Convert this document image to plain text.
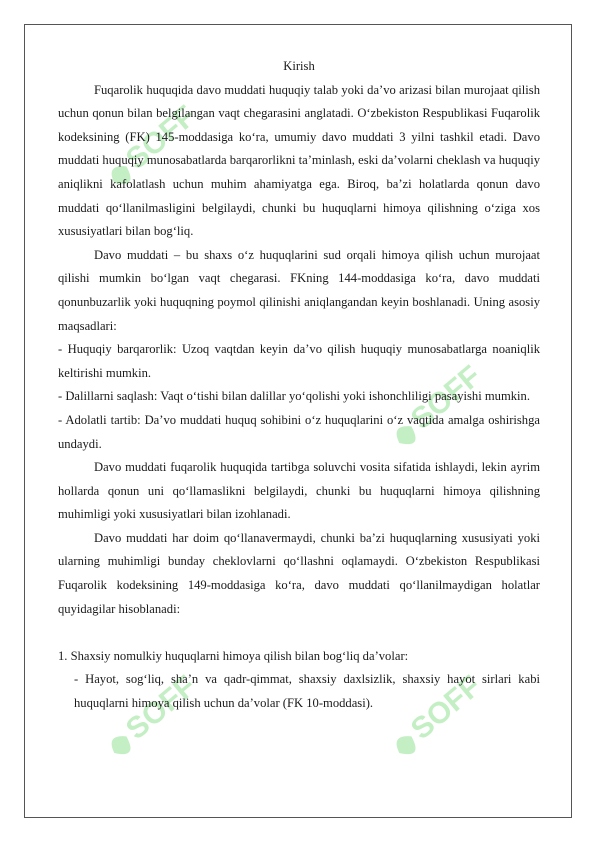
SOFF
SOFF
SOFF	SOFF

Kirish

Fuqarolik huquqida davo muddati huquqiy talab yoki da’vo arizasi bilan murojaat qilish uchun qonun bilan belgilangan vaqt chegarasini anglatadi. O‘zbekiston Respublikasi Fuqarolik kodeksining (FK) 145-moddasiga ko‘ra, umumiy davo muddati 3 yilni tashkil etadi. Davo muddati huquqiy munosabatlarda barqarorlikni ta’minlash, eski da’volarni cheklash va huquqiy aniqlikni kafolatlash uchun muhim ahamiyatga ega. Biroq, ba’zi holatlarda qonun davo muddati qo‘llanilmasligini belgilaydi, chunki bu huquqlarni himoya qilishning o‘ziga xos xususiyatlari bilan bog‘liq.

Davo muddati – bu shaxs o‘z huquqlarini sud orqali himoya qilish uchun murojaat qilishi mumkin bo‘lgan vaqt chegarasi. FKning 144-moddasiga ko‘ra, davo muddati qonunbuzarlik yoki huquqning poymol qilinishi aniqlangandan keyin boshlanadi. Uning asosiy maqsadlari:

- Huquqiy barqarorlik: Uzoq vaqtdan keyin da’vo qilish huquqiy munosabatlarga noaniqlik keltirishi mumkin.

- Dalillarni saqlash: Vaqt o‘tishi bilan dalillar yo‘qolishi yoki ishonchliligi pasayishi mumkin.

- Adolatli tartib: Da’vo muddati huquq sohibini o‘z huquqlarini o‘z vaqtida amalga oshirishga undaydi.

Davo muddati fuqarolik huquqida tartibga soluvchi vosita sifatida ishlaydi, lekin ayrim hollarda qonun uni qo‘llamaslikni belgilaydi, chunki bu huquqlarni himoya qilishning muhimligi yoki xususiyatlari bilan izohlanadi.

Davo muddati har doim qo‘llanavermaydi, chunki ba’zi huquqlarning xususiyati yoki ularning muhimligi bunday cheklovlarni qo‘llashni oqlamaydi. O‘zbekiston Respublikasi Fuqarolik kodeksining 149-moddasiga ko‘ra, davo muddati qo‘llanilmaydigan holatlar quyidagilar hisoblanadi:

1. Shaxsiy nomulkiy huquqlarni himoya qilish bilan bog‘liq da’volar:

- Hayot, sog‘liq, sha’n va qadr-qimmat, shaxsiy daxlsizlik, shaxsiy hayot sirlari kabi huquqlarni himoya qilish uchun da’volar (FK 10-moddasi).
